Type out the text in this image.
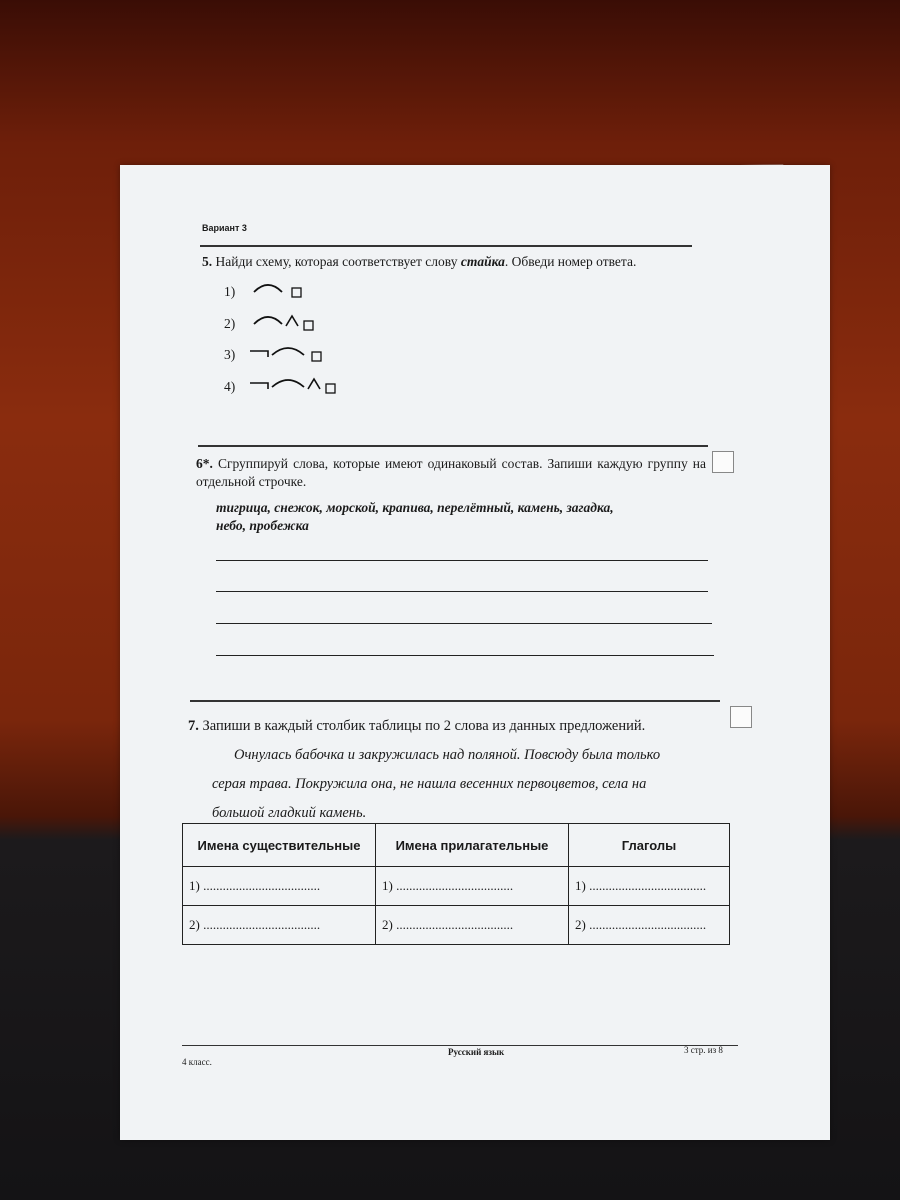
Вариант 3
5. Найди схему, которая соответствует слову стайка. Обведи номер ответа.
1)
2)
3)
4)
6*. Сгруппируй слова, которые имеют одинаковый состав. Запиши каждую группу на отдельной строчке.
тигрица, снежок, морской, крапива, перелётный, камень, загадка,
небо, пробежка
7. Запиши в каждый столбик таблицы по 2 слова из данных предложений.
Очнулась бабочка и закружилась над поляной. Повсюду была только
серая трава. Покружила она, не нашла весенних первоцветов, села на
большой гладкий камень.
Имена существительные	Имена прилагательные	Глаголы
1) ....................................	1) ....................................	1) ....................................
2) ....................................	2) ....................................	2) ....................................
4 класс.
Русский язык	3 стр. из 8
